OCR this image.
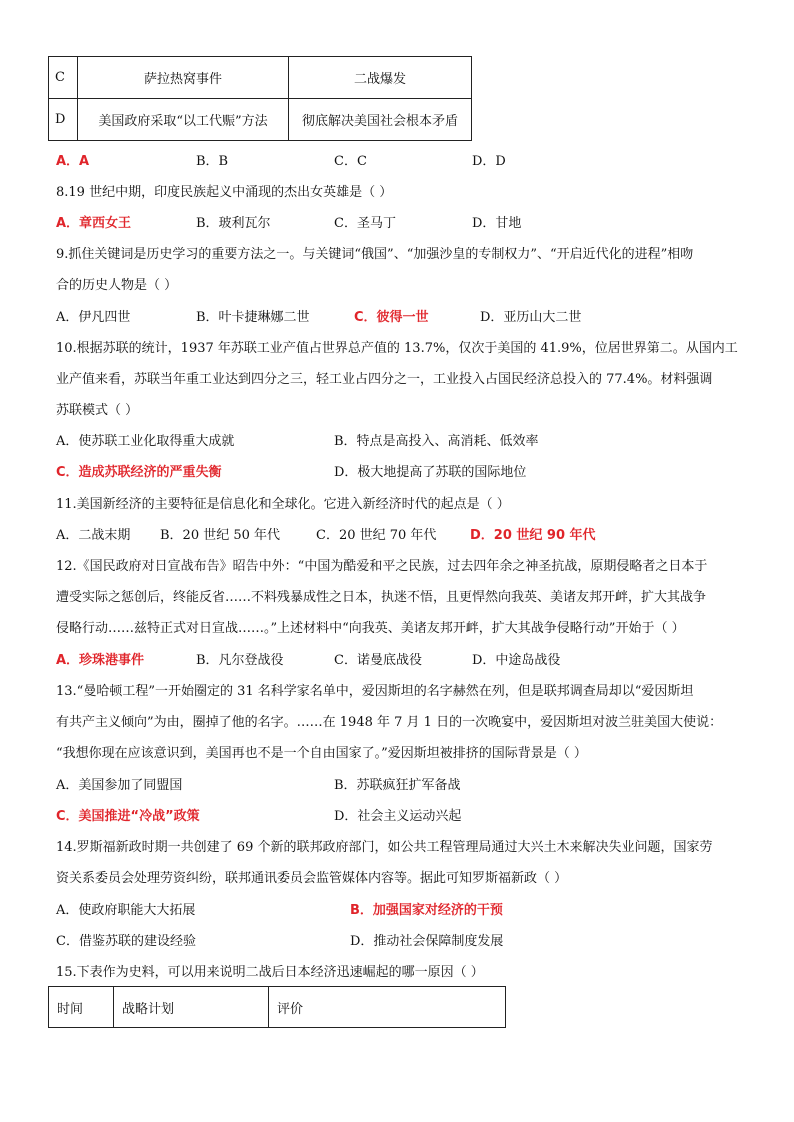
C	萨拉热窝事件	二战爆发
D	美国政府采取“以工代赈”方法	彻底解决美国社会根本矛盾
A．A	B．B	C．C	D．D
8.19 世纪中期，印度民族起义中涌现的杰出女英雄是（ ）
A．章西女王	B．玻利瓦尔	C．圣马丁	D．甘地
9.抓住关键词是历史学习的重要方法之一。与关键词“俄国”、“加强沙皇的专制权力”、“开启近代化的进程”相吻
合的历史人物是（ ）
A．伊凡四世	B．叶卡捷琳娜二世	C．彼得一世	D．亚历山大二世
10.根据苏联的统计，1937 年苏联工业产值占世界总产值的 13.7%，仅次于美国的 41.9%，位居世界第二。从国内工
业产值来看，苏联当年重工业达到四分之三，轻工业占四分之一，工业投入占国民经济总投入的 77.4%。材料强调
苏联模式（ ）
A．使苏联工业化取得重大成就	B．特点是高投入、高消耗、低效率
C．造成苏联经济的严重失衡	D．极大地提高了苏联的国际地位
11.美国新经济的主要特征是信息化和全球化。它进入新经济时代的起点是（ ）
A．二战末期 B．20 世纪 50 年代	C．20 世纪 70 年代	D．20 世纪 90 年代
12.《国民政府对日宣战布告》昭告中外：“中国为酷爱和平之民族，过去四年余之神圣抗战，原期侵略者之日本于
遭受实际之惩创后，终能反省……不料残暴成性之日本，执迷不悟，且更悍然向我英、美诸友邦开衅，扩大其战争
侵略行动……兹特正式对日宣战……。”上述材料中“向我英、美诸友邦开衅，扩大其战争侵略行动”开始于（ ）
A．珍珠港事件	B．凡尔登战役	C．诺曼底战役	D．中途岛战役
13.“曼哈顿工程”一开始圈定的 31 名科学家名单中，爱因斯坦的名字赫然在列，但是联邦调查局却以“爱因斯坦
有共产主义倾向”为由，圈掉了他的名字。……在 1948 年 7 月 1 日的一次晚宴中，爱因斯坦对波兰驻美国大使说：
“我想你现在应该意识到，美国再也不是一个自由国家了。”爱因斯坦被排挤的国际背景是（ ）
A．美国参加了同盟国	B．苏联疯狂扩军备战
C．美国推进“冷战”政策	D．社会主义运动兴起
14.罗斯福新政时期一共创建了 69 个新的联邦政府部门，如公共工程管理局通过大兴土木来解决失业问题，国家劳
资关系委员会处理劳资纠纷，联邦通讯委员会监管媒体内容等。据此可知罗斯福新政（ ）
A．使政府职能大大拓展	B．加强国家对经济的干预
C．借鉴苏联的建设经验	D．推动社会保障制度发展
15.下表作为史料，可以用来说明二战后日本经济迅速崛起的哪一原因（ ）
时间	战略计划	评价
